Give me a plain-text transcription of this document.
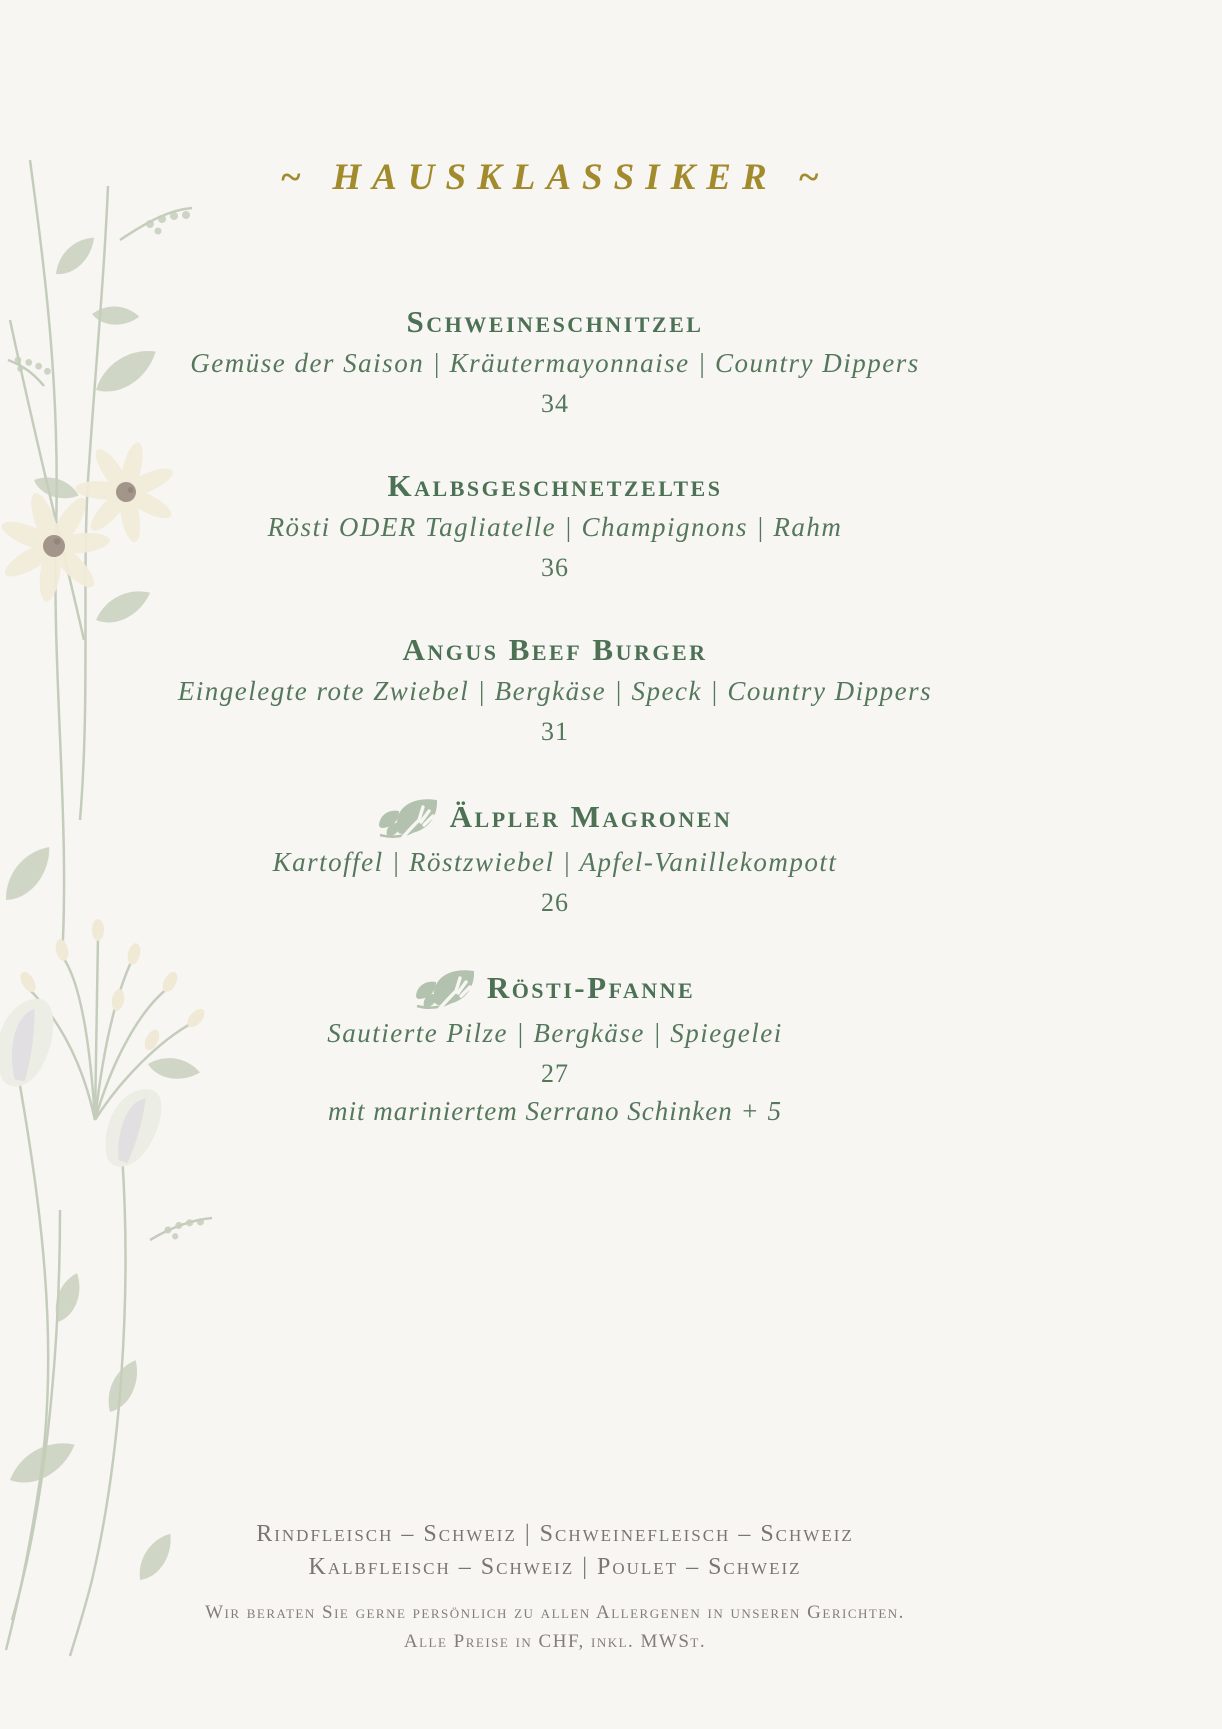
~ HAUSKLASSIKER ~
Schweineschnitzel

Gemüse der Saison | Kräutermayonnaise | Country Dippers

34
Kalbsgeschnetzeltes

Rösti ODER Tagliatelle | Champignons | Rahm

36
Angus Beef Burger

Eingelegte rote Zwiebel | Bergkäse | Speck | Country Dippers

31
Älpler Magronen

Kartoffel | Röstzwiebel | Apfel-Vanillekompott

26
Rösti-Pfanne

Sautierte Pilze | Bergkäse | Spiegelei

27

mit mariniertem Serrano Schinken + 5

Rindfleisch – Schweiz | Schweinefleisch – Schweiz
Kalbfleisch – Schweiz | Poulet – Schweiz
Wir beraten Sie gerne persönlich zu allen Allergenen in unseren Gerichten.
Alle Preise in CHF, inkl. MWSt.
